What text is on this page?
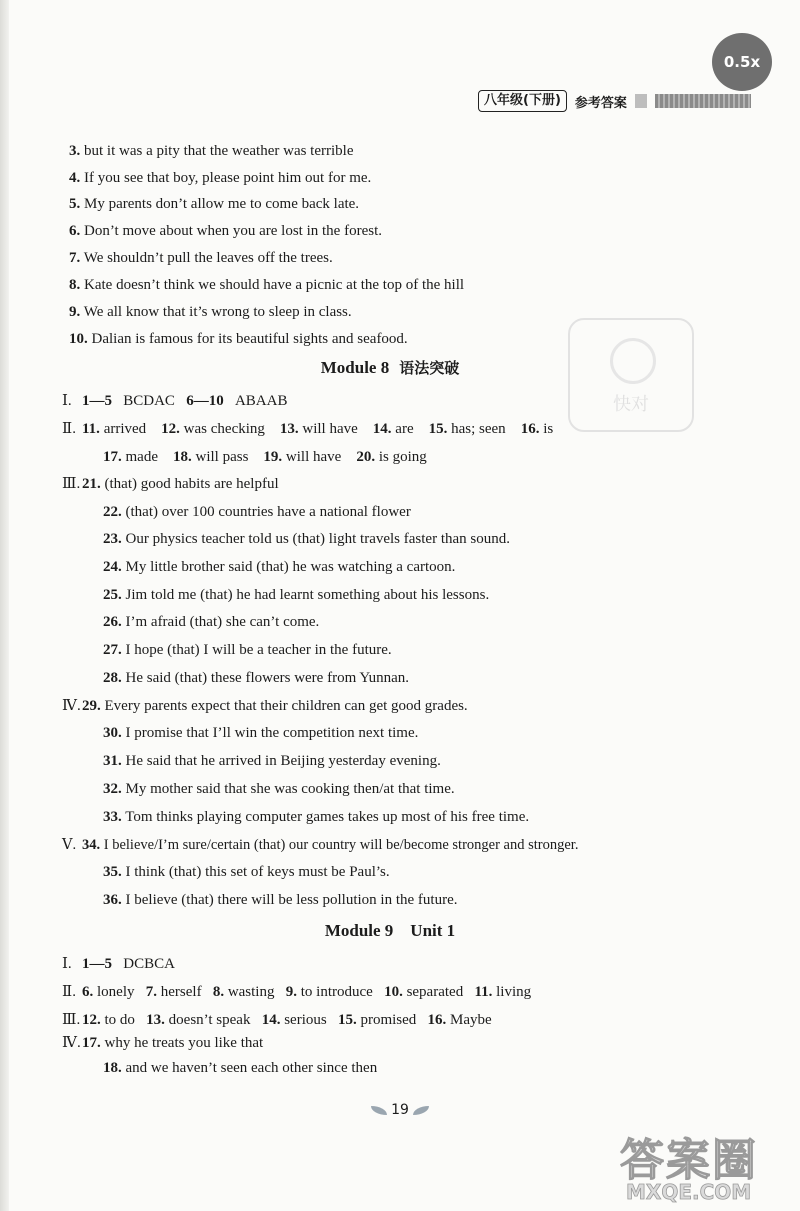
0.5x
八年级(下册)	参考答案
快对
3. but it was a pity that the weather was terrible
4. If you see that boy, please point him out for me.
5. My parents don’t allow me to come back late.
6. Don’t move about when you are lost in the forest.
7. We shouldn’t pull the leaves off the trees.
8. Kate doesn’t think we should have a picnic at the top of the hill
9. We all know that it’s wrong to sleep in class.
10. Dalian is famous for its beautiful sights and seafood.
Module 8 语法突破
Ⅰ. 1—5 BCDAC 6—10 ABAAB
Ⅱ. 11. arrived 12. was checking 13. will have 14. are 15. has; seen 16. is
17. made 18. will pass 19. will have 20. is going
Ⅲ. 21. (that) good habits are helpful
22. (that) over 100 countries have a national flower
23. Our physics teacher told us (that) light travels faster than sound.
24. My little brother said (that) he was watching a cartoon.
25. Jim told me (that) he had learnt something about his lessons.
26. I’m afraid (that) she can’t come.
27. I hope (that) I will be a teacher in the future.
28. He said (that) these flowers were from Yunnan.
Ⅳ.29. Every parents expect that their children can get good grades.
30. I promise that I’ll win the competition next time.
31. He said that he arrived in Beijing yesterday evening.
32. My mother said that she was cooking then/at that time.
33. Tom thinks playing computer games takes up most of his free time.
Ⅴ. 34. I believe/I’m sure/certain (that) our country will be/become stronger and stronger.
35. I think (that) this set of keys must be Paul’s.
36. I believe (that) there will be less pollution in the future.
Module 9 Unit 1
Ⅰ. 1—5 DCBCA
Ⅱ. 6. lonely 7. herself 8. wasting 9. to introduce 10. separated 11. living
Ⅲ. 12. to do 13. doesn’t speak 14. serious 15. promised 16. Maybe
Ⅳ.17. why he treats you like that
18. and we haven’t seen each other since then
19
答案圈
MXQE.COM
